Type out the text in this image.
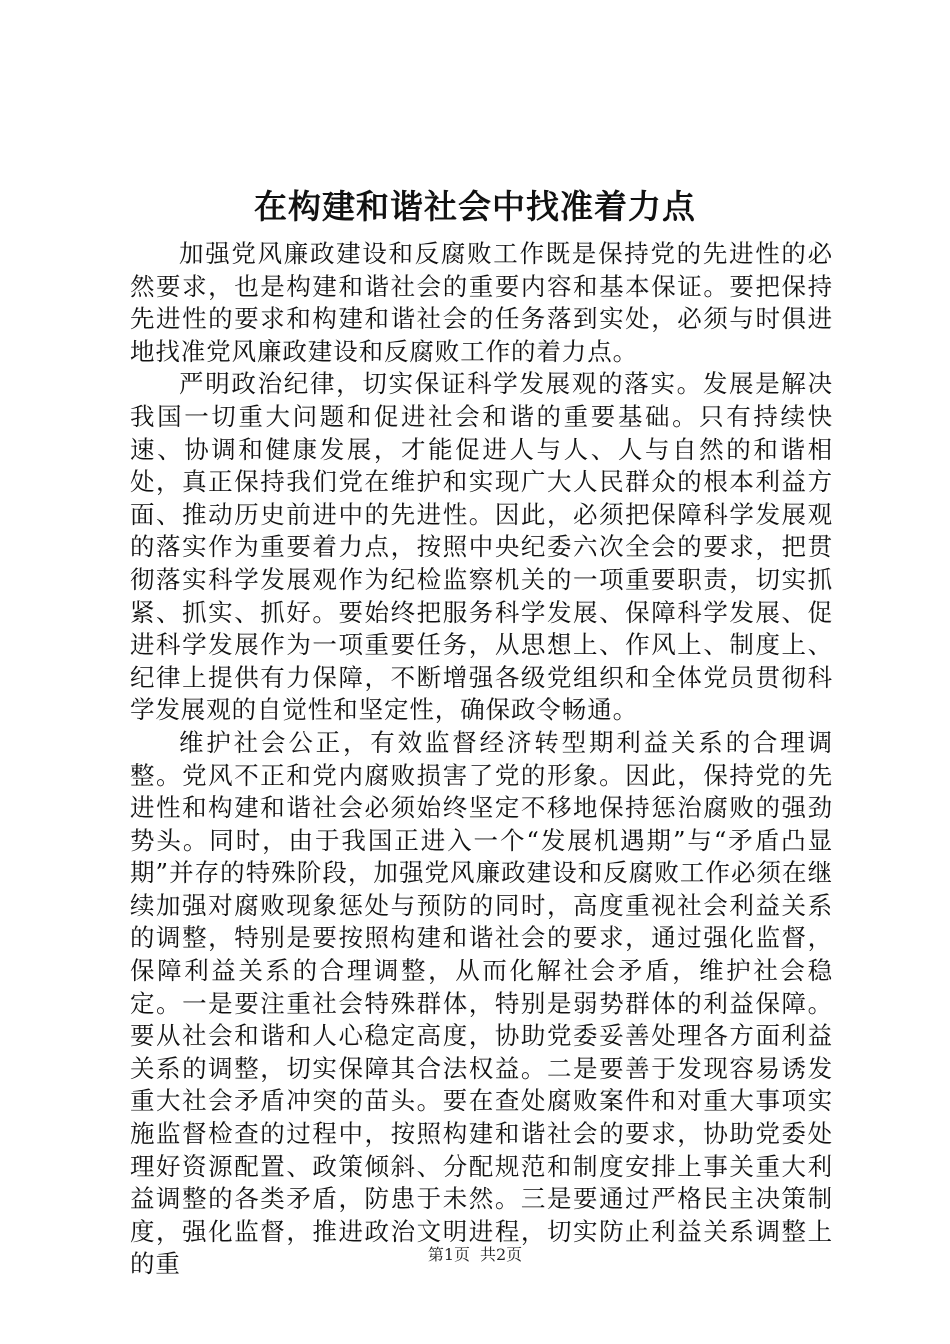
在构建和谐社会中找准着力点

加强党风廉政建设和反腐败工作既是保持党的先进性的必然要求，也是构建和谐社会的重要内容和基本保证。要把保持先进性的要求和构建和谐社会的任务落到实处，必须与时俱进地找准党风廉政建设和反腐败工作的着力点。

严明政治纪律，切实保证科学发展观的落实。发展是解决我国一切重大问题和促进社会和谐的重要基础。只有持续快速、协调和健康发展，才能促进人与人、人与自然的和谐相处，真正保持我们党在维护和实现广大人民群众的根本利益方面、推动历史前进中的先进性。因此，必须把保障科学发展观的落实作为重要着力点，按照中央纪委六次全会的要求，把贯彻落实科学发展观作为纪检监察机关的一项重要职责，切实抓紧、抓实、抓好。要始终把服务科学发展、保障科学发展、促进科学发展作为一项重要任务，从思想上、作风上、制度上、纪律上提供有力保障，不断增强各级党组织和全体党员贯彻科学发展观的自觉性和坚定性，确保政令畅通。

维护社会公正，有效监督经济转型期利益关系的合理调整。党风不正和党内腐败损害了党的形象。因此，保持党的先进性和构建和谐社会必须始终坚定不移地保持惩治腐败的强劲势头。同时，由于我国正进入一个“发展机遇期”与“矛盾凸显期”并存的特殊阶段，加强党风廉政建设和反腐败工作必须在继续加强对腐败现象惩处与预防的同时，高度重视社会利益关系的调整，特别是要按照构建和谐社会的要求，通过强化监督，保障利益关系的合理调整，从而化解社会矛盾，维护社会稳定。一是要注重社会特殊群体，特别是弱势群体的利益保障。要从社会和谐和人心稳定高度，协助党委妥善处理各方面利益关系的调整，切实保障其合法权益。二是要善于发现容易诱发重大社会矛盾冲突的苗头。要在查处腐败案件和对重大事项实施监督检查的过程中，按照构建和谐社会的要求，协助党委处理好资源配置、政策倾斜、分配规范和制度安排上事关重大利益调整的各类矛盾，防患于未然。三是要通过严格民主决策制度，强化监督，推进政治文明进程，切实防止利益关系调整上的重	第1页 共2页
